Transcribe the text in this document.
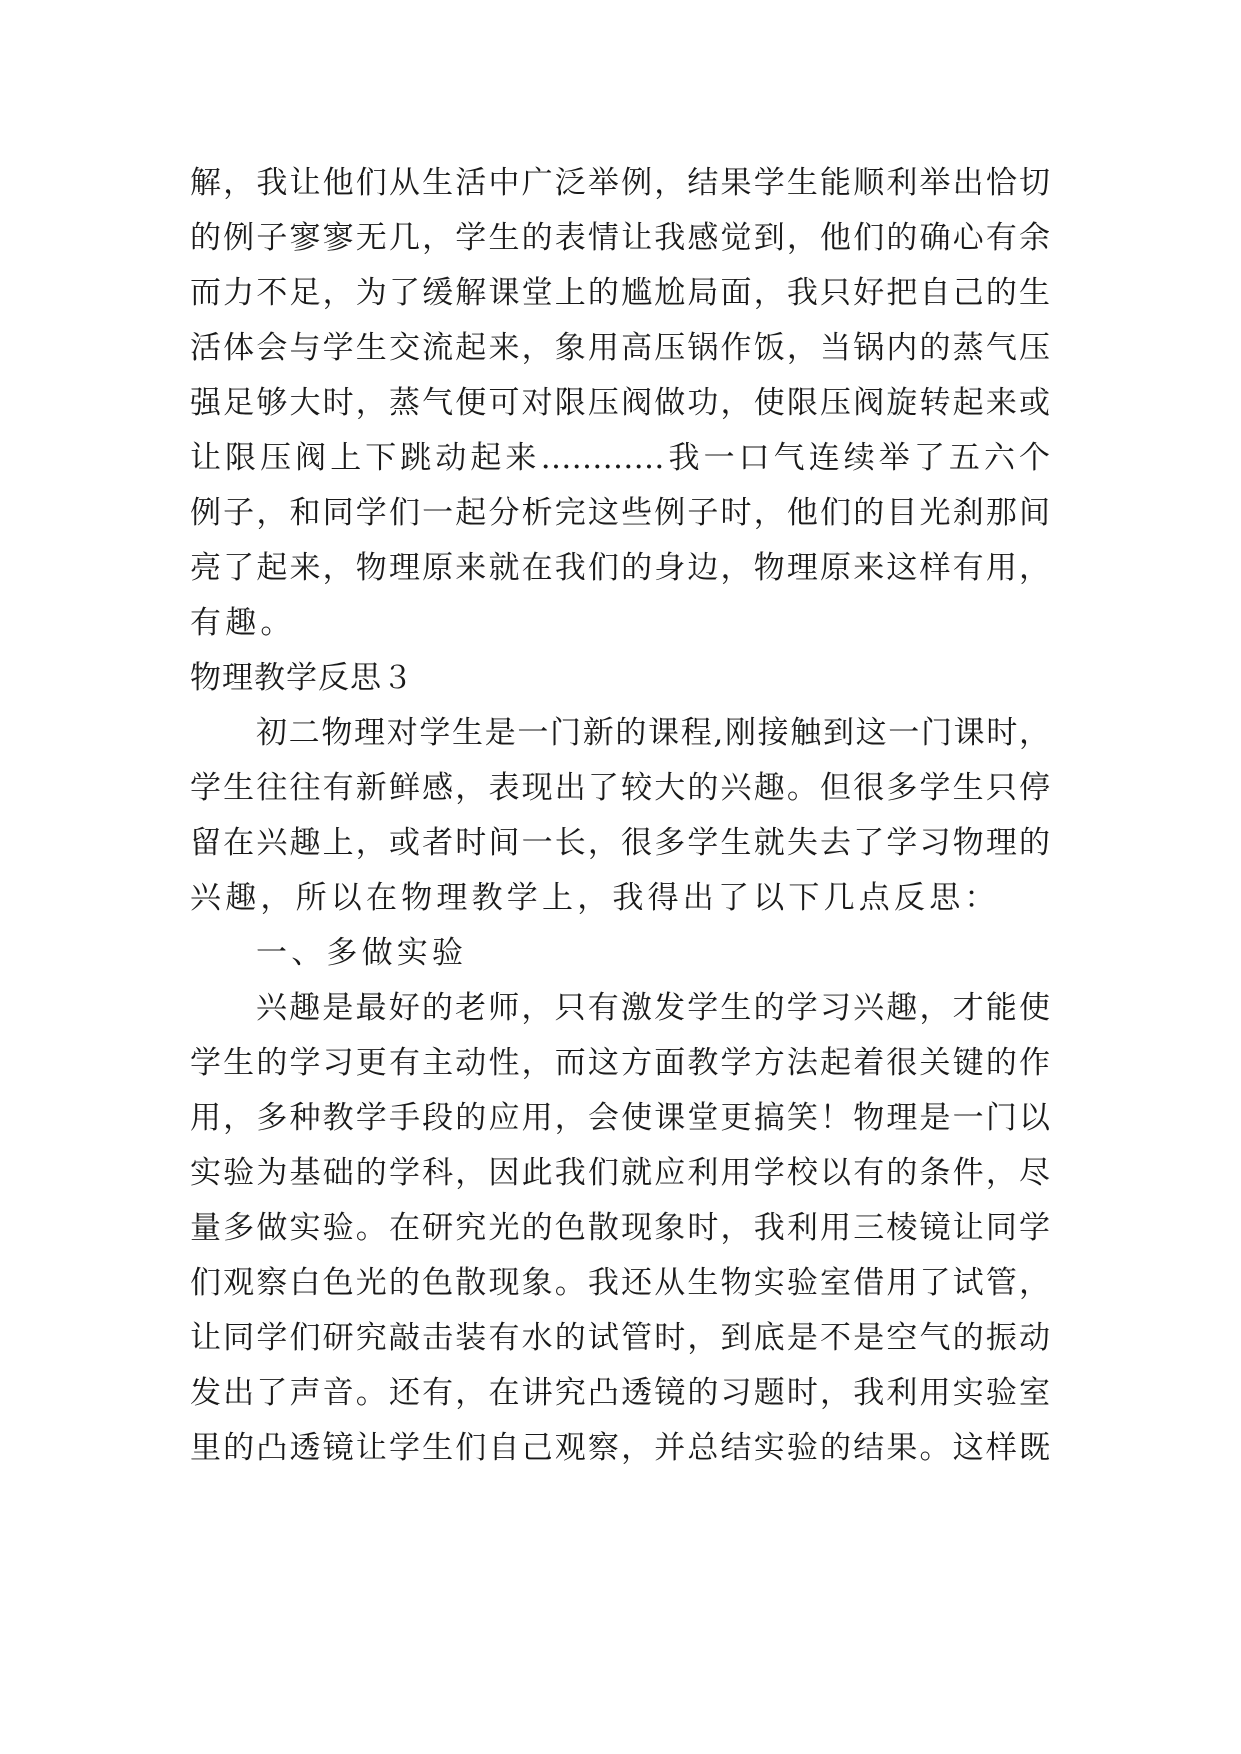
解，我让他们从生活中广泛举例，结果学生能顺利举出恰切
的例子寥寥无几，学生的表情让我感觉到，他们的确心有余
而力不足，为了缓解课堂上的尴尬局面，我只好把自己的生
活体会与学生交流起来，象用高压锅作饭，当锅内的蒸气压
强足够大时，蒸气便可对限压阀做功，使限压阀旋转起来或
让限压阀上下跳动起来…………我一口气连续举了五六个
例子，和同学们一起分析完这些例子时，他们的目光刹那间
亮了起来，物理原来就在我们的身边，物理原来这样有用，
有趣。
物理教学反思３
初二物理对学生是一门新的课程,刚接触到这一门课时，
学生往往有新鲜感，表现出了较大的兴趣。但很多学生只停
留在兴趣上，或者时间一长，很多学生就失去了学习物理的
兴趣，所以在物理教学上，我得出了以下几点反思：
一、多做实验
兴趣是最好的老师，只有激发学生的学习兴趣，才能使
学生的学习更有主动性，而这方面教学方法起着很关键的作
用，多种教学手段的应用，会使课堂更搞笑！物理是一门以
实验为基础的学科，因此我们就应利用学校以有的条件，尽
量多做实验。在研究光的色散现象时，我利用三棱镜让同学
们观察白色光的色散现象。我还从生物实验室借用了试管，
让同学们研究敲击装有水的试管时，到底是不是空气的振动
发出了声音。还有，在讲究凸透镜的习题时，我利用实验室
里的凸透镜让学生们自己观察，并总结实验的结果。这样既
